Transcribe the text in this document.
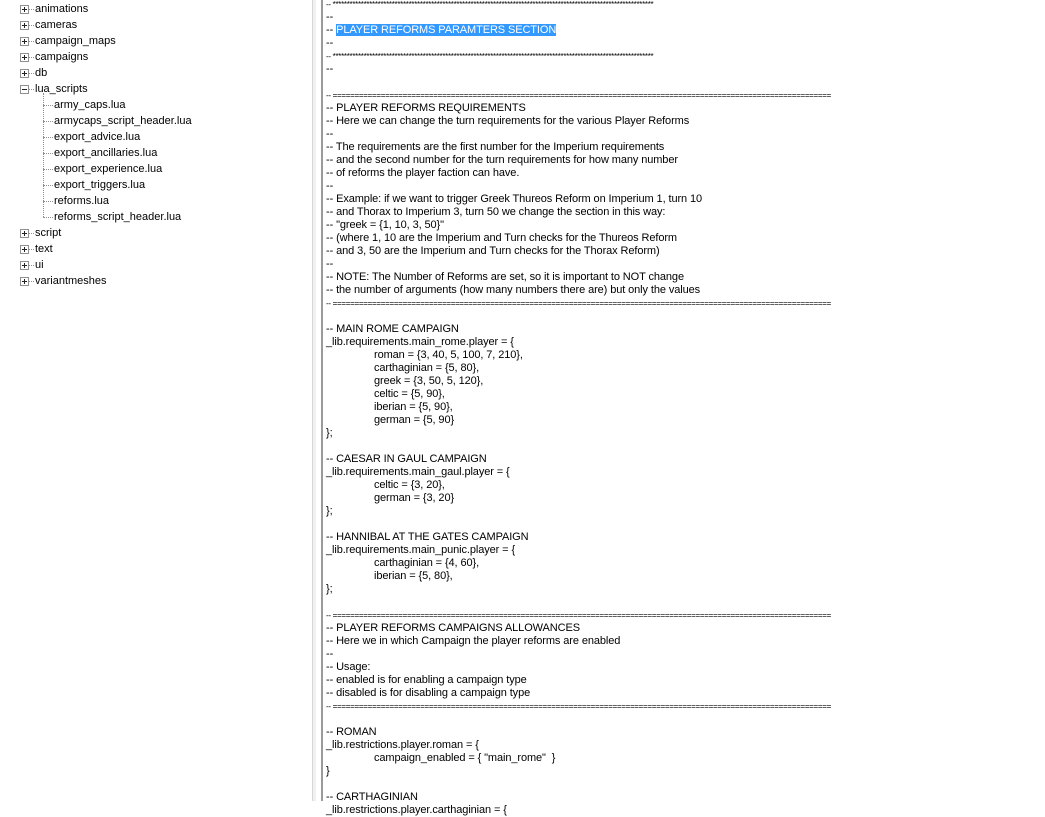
animations
cameras
campaign_maps
campaigns
db
lua_scripts
army_caps.lua
armycaps_script_header.lua
export_advice.lua
export_ancillaries.lua
export_experience.lua
export_triggers.lua
reforms.lua
reforms_script_header.lua
script
text
ui
variantmeshes
-- ******************************************************************************************************************
--
-- PLAYER REFORMS PARAMTERS SECTION
--
-- ******************************************************************************************************************
--
-- ==================================================================================================================
-- PLAYER REFORMS REQUIREMENTS
-- Here we can change the turn requirements for the various Player Reforms
--
-- The requirements are the first number for the Imperium requirements
-- and the second number for the turn requirements for how many number
-- of reforms the player faction can have.
--
-- Example: if we want to trigger Greek Thureos Reform on Imperium 1, turn 10
-- and Thorax to Imperium 3, turn 50 we change the section in this way:
-- "greek = {1, 10, 3, 50}"
-- (where 1, 10 are the Imperium and Turn checks for the Thureos Reform
-- and 3, 50 are the Imperium and Turn checks for the Thorax Reform)
--
-- NOTE: The Number of Reforms are set, so it is important to NOT change
-- the number of arguments (how many numbers there are) but only the values
-- ==================================================================================================================
-- MAIN ROME CAMPAIGN
_lib.requirements.main_rome.player = {
roman = {3, 40, 5, 100, 7, 210},
carthaginian = {5, 80},
greek = {3, 50, 5, 120},
celtic = {5, 90},
iberian = {5, 90},
german = {5, 90}
};
-- CAESAR IN GAUL CAMPAIGN
_lib.requirements.main_gaul.player = {
celtic = {3, 20},
german = {3, 20}
};
-- HANNIBAL AT THE GATES CAMPAIGN
_lib.requirements.main_punic.player = {
carthaginian = {4, 60},
iberian = {5, 80},
};
-- ==================================================================================================================
-- PLAYER REFORMS CAMPAIGNS ALLOWANCES
-- Here we in which Campaign the player reforms are enabled
--
-- Usage:
-- enabled is for enabling a campaign type
-- disabled is for disabling a campaign type
-- ==================================================================================================================
-- ROMAN
_lib.restrictions.player.roman = {
campaign_enabled = { "main_rome"  }
}
-- CARTHAGINIAN
_lib.restrictions.player.carthaginian = {
